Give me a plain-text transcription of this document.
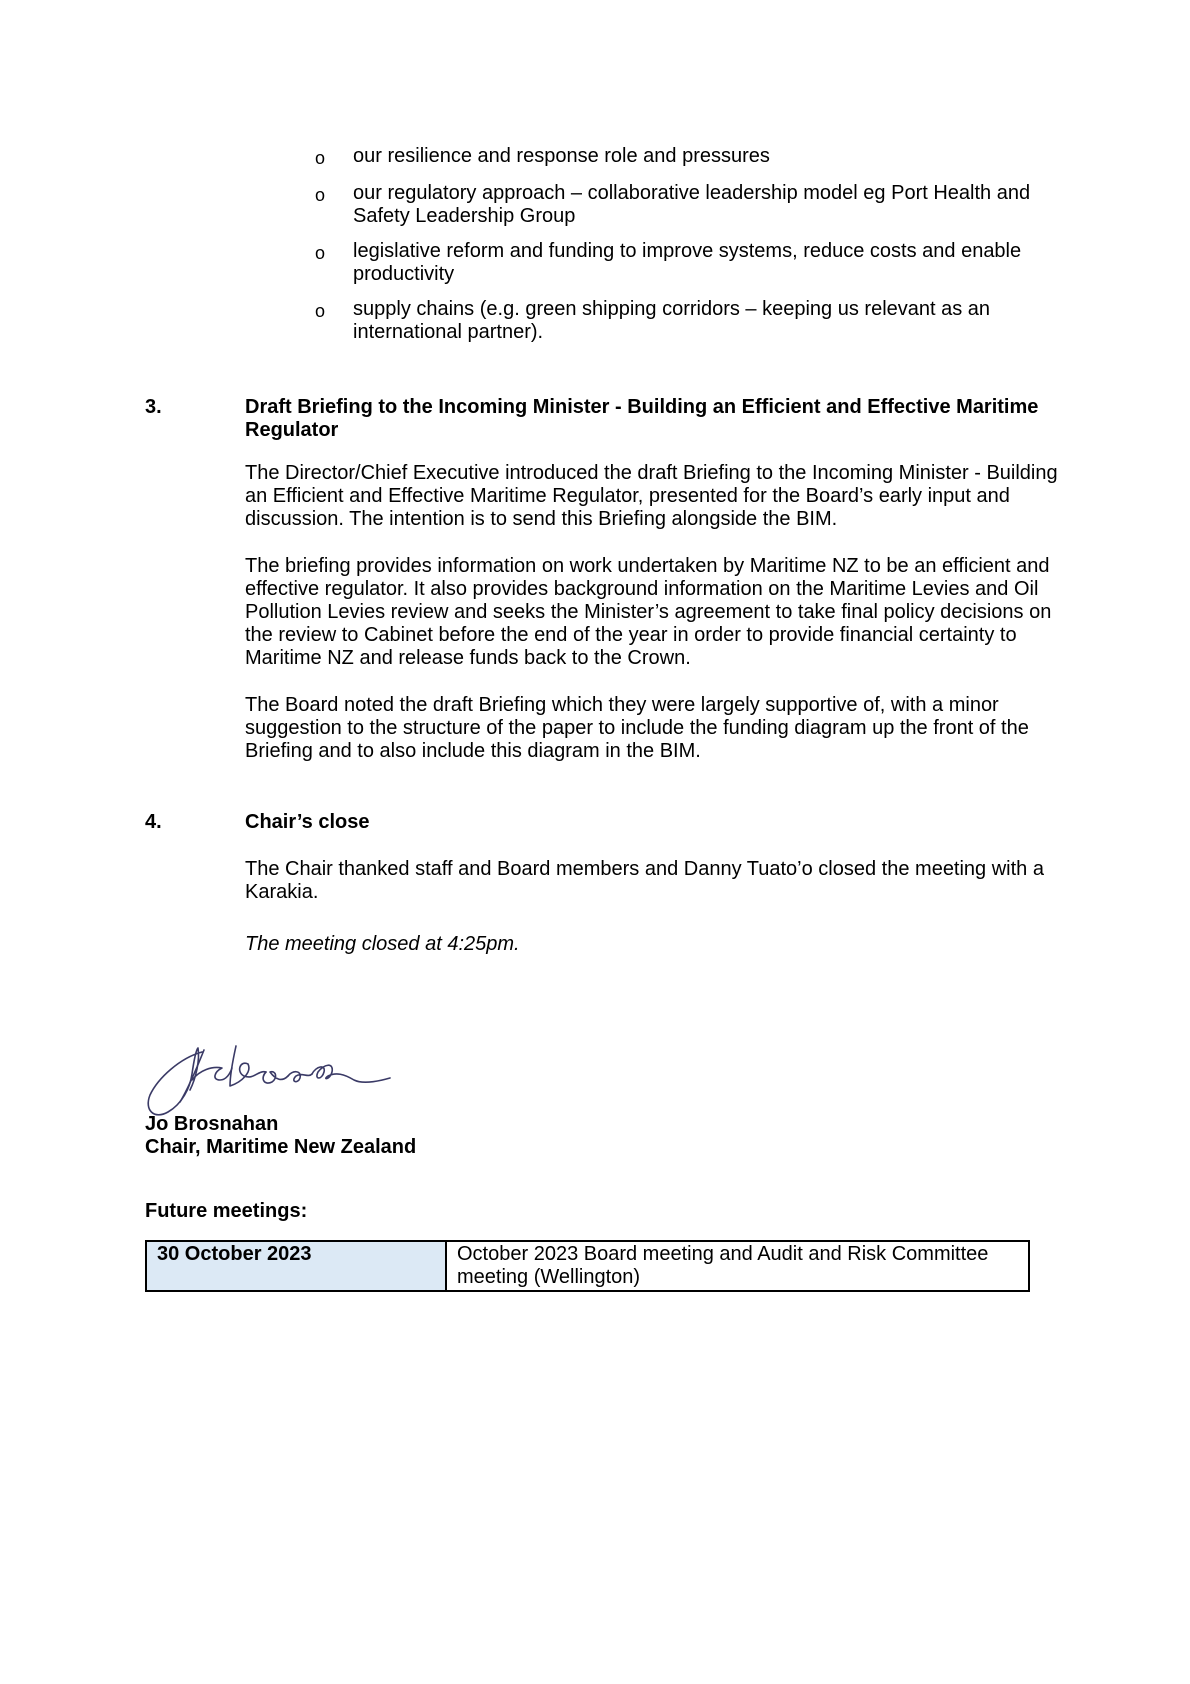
o	our resilience and response role and pressures
o	our regulatory approach – collaborative leadership model eg Port Health and Safety Leadership Group
o	legislative reform and funding to improve systems, reduce costs and enable productivity
o	supply chains (e.g. green shipping corridors – keeping us relevant as an international partner).
3.	Draft Briefing to the Incoming Minister - Building an Efficient and Effective Maritime Regulator

The Director/Chief Executive introduced the draft Briefing to the Incoming Minister - Building an Efficient and Effective Maritime Regulator, presented for the Board’s early input and discussion. The intention is to send this Briefing alongside the BIM.

The briefing provides information on work undertaken by Maritime NZ to be an efficient and effective regulator. It also provides background information on the Maritime Levies and Oil Pollution Levies review and seeks the Minister’s agreement to take final policy decisions on the review to Cabinet before the end of the year in order to provide financial certainty to Maritime NZ and release funds back to the Crown.

The Board noted the draft Briefing which they were largely supportive of, with a minor suggestion to the structure of the paper to include the funding diagram up the front of the Briefing and to also include this diagram in the BIM.

4.	Chair’s close

The Chair thanked staff and Board members and Danny Tuato’o closed the meeting with a Karakia.

The meeting closed at 4:25pm.

Jo Brosnahan
Chair, Maritime New Zealand
Future meetings:
30 October 2023	October 2023 Board meeting and Audit and Risk Committee meeting (Wellington)
